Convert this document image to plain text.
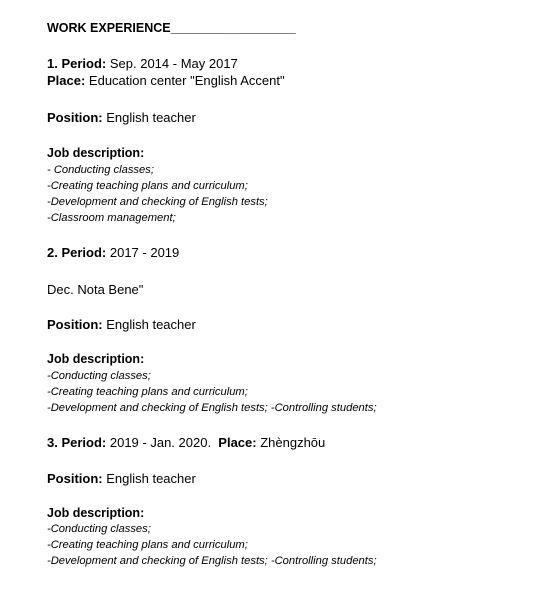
WORK EXPERIENCE__________________
1. Period: Sep. 2014 - May 2017
Place: Education center "English Accent"
Position: English teacher
Job description:
- Conducting classes;
-Creating teaching plans and curriculum;
-Development and checking of English tests;
-Classroom management;
2. Period: 2017 - 2019
Dec. Nota Bene"
Position: English teacher
Job description:
-Conducting classes;
-Creating teaching plans and curriculum;
-Development and checking of English tests; -Controlling students;
3. Period: 2019 - Jan. 2020. Place: Zhèngzhōu
Position: English teacher
Job description:
-Conducting classes;
-Creating teaching plans and curriculum;
-Development and checking of English tests; -Controlling students;
